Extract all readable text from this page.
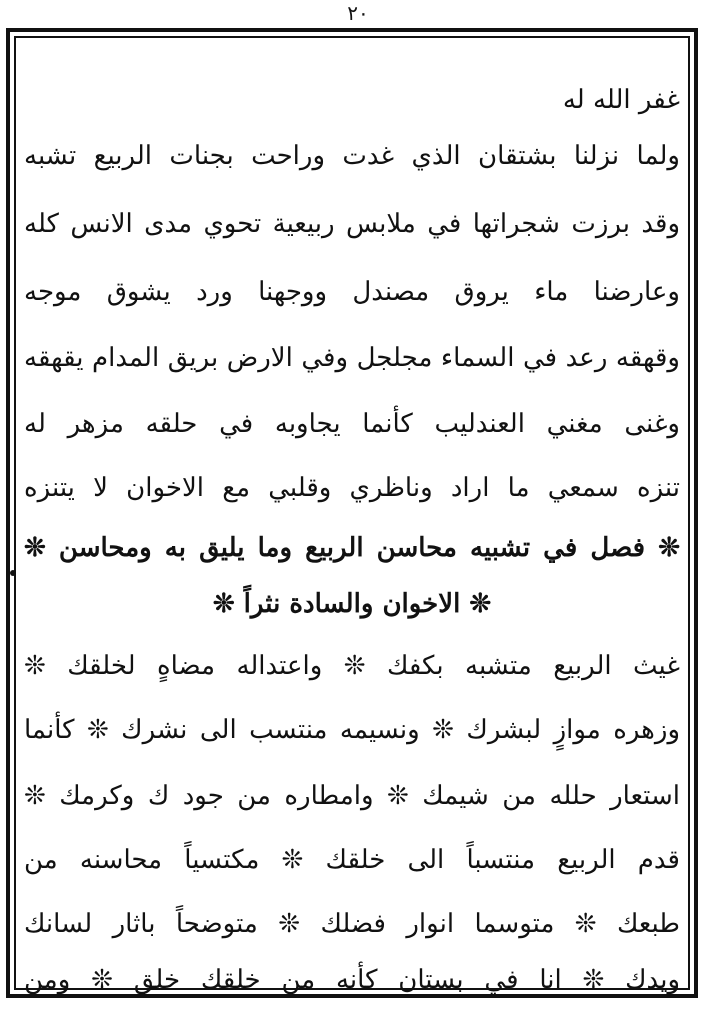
٢٠
غفر الله له
ولما نزلنا بشتقان الذي غدت وراحت بجنات الربيع تشبه
وقد برزت شجراتها في ملابس ربيعية تحوي مدى الانس كله
وعارضنا ماء يروق مصندل ووجهنا ورد يشوق موجه
وقهقه رعد في السماء مجلجل وفي الارض بريق المدام يقهقه
وغنى مغني العندليب كأنما يجاوبه في حلقه مزهر له
تنزه سمعي ما اراد وناظري وقلبي مع الاخوان لا يتنزه
❊ فصل في تشبيه محاسن الربيع وما يليق به ومحاسن ❊
❊ الاخوان والسادة نثراً ❊
غيث الربيع متشبه بكفك ❊ واعتداله مضاهٍ لخلقك ❊
وزهره موازٍ لبشرك ❊ ونسيمه منتسب الى نشرك ❊ كأنما
استعار حلله من شيمك ❊ وامطاره من جود ك وكرمك ❊
قدم الربيع منتسباً الى خلقك ❊ مكتسياً محاسنه من
طبعك ❊ متوسما انوار فضلك ❊ متوضحاً باثار لسانك
ويدك ❊ انا في بستان كأنه من خلقك خلق ❊ ومن
